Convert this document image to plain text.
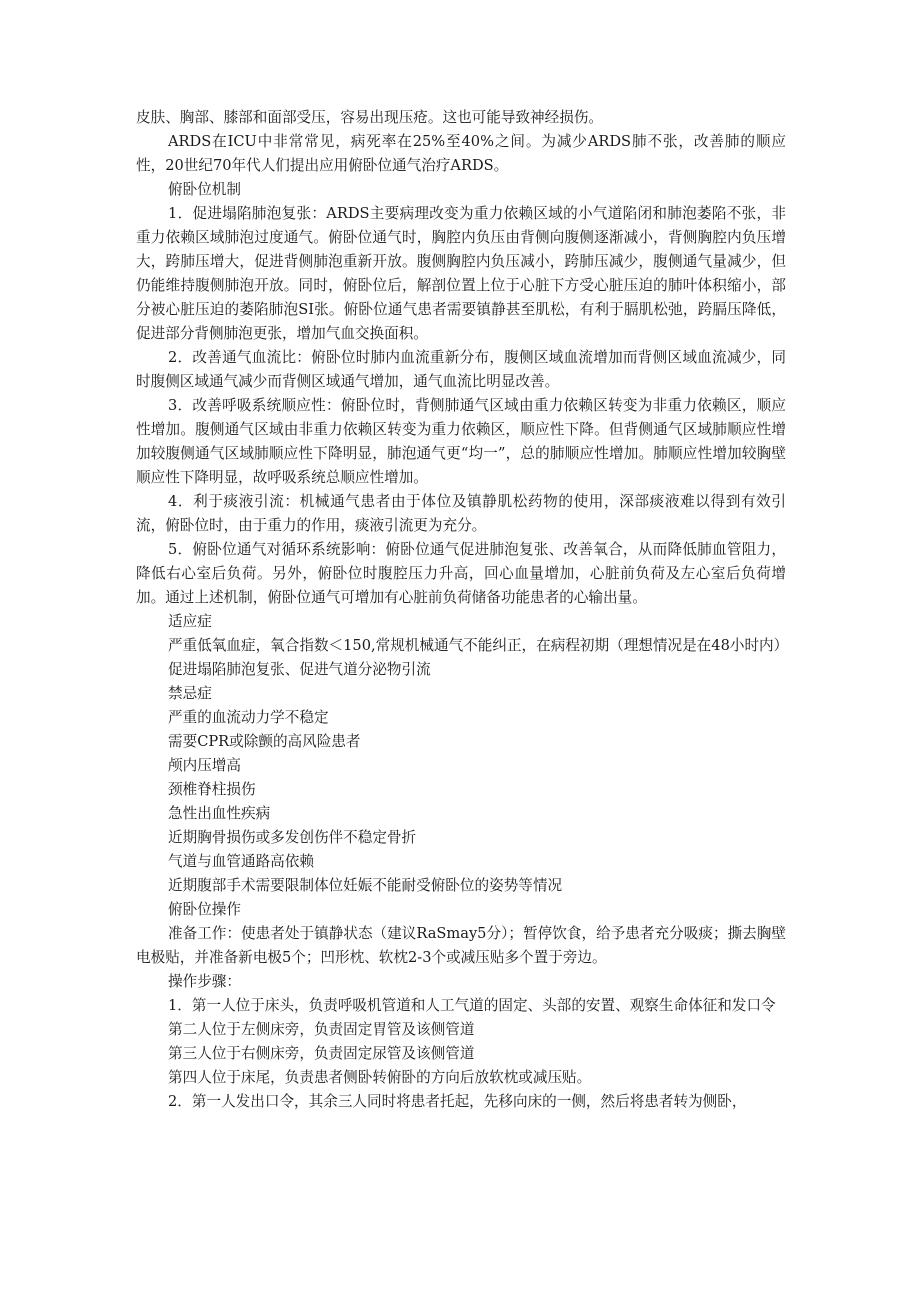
皮肤、胸部、膝部和面部受压，容易出现压疮。这也可能导致神经损伤。

ARDS在ICU中非常常见，病死率在25%至40%之间。为减少ARDS肺不张，改善肺的顺应性，20世纪70年代人们提出应用俯卧位通气治疗ARDS。

俯卧位机制

1．促进塌陷肺泡复张：ARDS主要病理改变为重力依赖区域的小气道陷闭和肺泡萎陷不张，非重力依赖区域肺泡过度通气。俯卧位通气时，胸腔内负压由背侧向腹侧逐渐减小，背侧胸腔内负压增大，跨肺压增大，促进背侧肺泡重新开放。腹侧胸腔内负压减小，跨肺压减少，腹侧通气量减少，但仍能维持腹侧肺泡开放。同时，俯卧位后，解剖位置上位于心脏下方受心脏压迫的肺叶体积缩小，部分被心脏压迫的萎陷肺泡SI张。俯卧位通气患者需要镇静甚至肌松，有利于膈肌松弛，跨膈压降低，促进部分背侧肺泡更张，增加气血交换面积。

2．改善通气血流比：俯卧位时肺内血流重新分布，腹侧区域血流增加而背侧区域血流减少，同时腹侧区域通气减少而背侧区域通气增加，通气血流比明显改善。

3．改善呼吸系统顺应性：俯卧位时，背侧肺通气区域由重力依赖区转变为非重力依赖区，顺应性增加。腹侧通气区域由非重力依赖区转变为重力依赖区，顺应性下降。但背侧通气区域肺顺应性增加较腹侧通气区域肺顺应性下降明显，肺泡通气更“均一”，总的肺顺应性增加。肺顺应性增加较胸壁顺应性下降明显，故呼吸系统总顺应性增加。

4．利于痰液引流：机械通气患者由于体位及镇静肌松药物的使用，深部痰液难以得到有效引流，俯卧位时，由于重力的作用，痰液引流更为充分。

5．俯卧位通气对循环系统影响：俯卧位通气促进肺泡复张、改善氧合，从而降低肺血管阻力，降低右心室后负荷。另外，俯卧位时腹腔压力升高，回心血量增加，心脏前负荷及左心室后负荷增加。通过上述机制，俯卧位通气可增加有心脏前负荷储备功能患者的心输出量。

适应症

严重低氧血症，氧合指数＜150,常规机械通气不能纠正，在病程初期（理想情况是在48小时内）

促进塌陷肺泡复张、促进气道分泌物引流

禁忌症

严重的血流动力学不稳定

需要CPR或除颤的高风险患者

颅内压增高

颈椎脊柱损伤

急性出血性疾病

近期胸骨损伤或多发创伤伴不稳定骨折

气道与血管通路高依赖

近期腹部手术需要限制体位妊娠不能耐受俯卧位的姿势等情况

俯卧位操作

准备工作：使患者处于镇静状态（建议RaSmay5分）；暂停饮食，给予患者充分吸痰；撕去胸壁电极贴，并准备新电极5个；凹形枕、软枕2-3个或减压贴多个置于旁边。

操作步骤：

1．第一人位于床头，负责呼吸机管道和人工气道的固定、头部的安置、观察生命体征和发口令

第二人位于左侧床旁，负责固定胃管及该侧管道

第三人位于右侧床旁，负责固定尿管及该侧管道

第四人位于床尾，负责患者侧卧转俯卧的方向后放软枕或减压贴。

2．第一人发出口令，其余三人同时将患者托起，先移向床的一侧，然后将患者转为侧卧，
